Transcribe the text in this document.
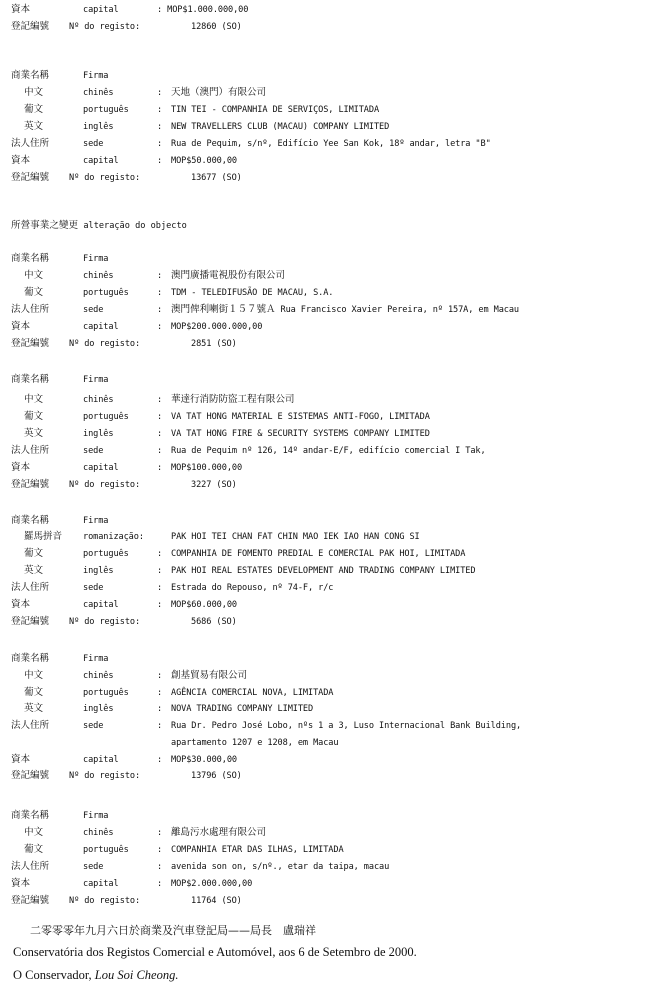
資本	capital	: MOP$1.000.000,00
登記編號 Nº do registo:	12860 (SO)
商業名稱	Firma
中文	chinês	: 天地（澳門）有限公司
葡文	português	: TIN TEI - COMPANHIA DE SERVIÇOS, LIMITADA
英文	inglês	: NEW TRAVELLERS CLUB (MACAU) COMPANY LIMITED
法人住所	sede	: Rua de Pequim, s/nº, Edifício Yee San Kok, 18º andar, letra "B"
資本	capital	: MOP$50.000,00
登記編號 Nº do registo:	13677 (SO)
所營事業之變更 alteração do objecto
商業名稱	Firma
中文	chinês	: 澳門廣播電視股份有限公司
葡文	português	: TDM - TELEDIFUSÃO DE MACAU, S.A.
法人住所	sede	: 澳門俾利喇街１５７號Ａ Rua Francisco Xavier Pereira, nº 157A, em Macau
資本	capital	: MOP$200.000.000,00
登記編號 Nº do registo:	2851 (SO)
商業名稱	Firma
中文	chinês	: 華達行消防防盜工程有限公司
葡文	português	: VA TAT HONG MATERIAL E SISTEMAS ANTI-FOGO, LIMITADA
英文	inglês	: VA TAT HONG FIRE & SECURITY SYSTEMS COMPANY LIMITED
法人住所	sede	: Rua de Pequim nº 126, 14º andar-E/F, edifício comercial I Tak,
資本	capital	: MOP$100.000,00
登記編號 Nº do registo:	3227 (SO)
商業名稱	Firma
羅馬拼音 romanização:	PAK HOI TEI CHAN FAT CHIN MAO IEK IAO HAN CONG SI
葡文	português	: COMPANHIA DE FOMENTO PREDIAL E COMERCIAL PAK HOI, LIMITADA
英文	inglês	: PAK HOI REAL ESTATES DEVELOPMENT AND TRADING COMPANY LIMITED
法人住所	sede	: Estrada do Repouso, nº 74-F, r/c
資本	capital	: MOP$60.000,00
登記編號 Nº do registo:	5686 (SO)
商業名稱	Firma
中文	chinês	: 創基貿易有限公司
葡文	português	: AGÊNCIA COMERCIAL NOVA, LIMITADA
英文	inglês	: NOVA TRADING COMPANY LIMITED
法人住所	sede	: Rua Dr. Pedro José Lobo, nºs 1 a 3, Luso Internacional Bank Building,
apartamento 1207 e 1208, em Macau
資本	capital	: MOP$30.000,00
登記編號 Nº do registo:	13796 (SO)
商業名稱	Firma
中文	chinês	: 離島污水處理有限公司
葡文	português	: COMPANHIA ETAR DAS ILHAS, LIMITADA
法人住所	sede	: avenida son on, s/nº., etar da taipa, macau
資本	capital	: MOP$2.000.000,00
登記編號 Nº do registo:	11764 (SO)
二零零零年九月六日於商業及汽車登記局——局長　盧瑞祥
Conservatória dos Registos Comercial e Automóvel, aos 6 de Setembro de 2000.
O Conservador, Lou Soi Cheong.
